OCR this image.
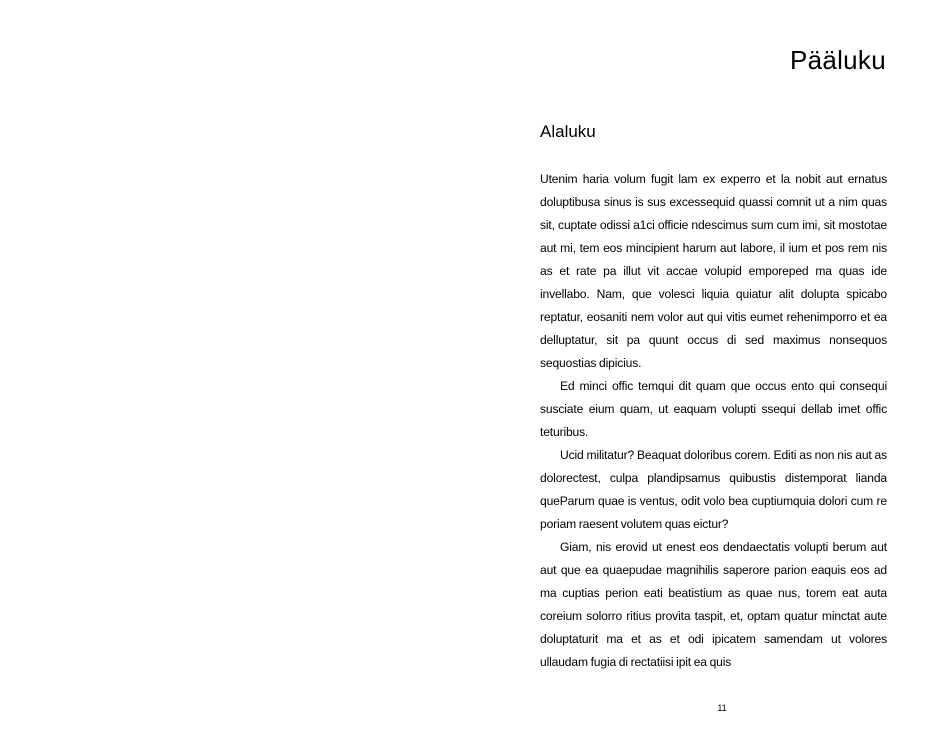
Pääluku
Alaluku

Utenim haria volum fugit lam ex experro et la nobit aut ernatus doluptibusa sinus is sus excessequid quassi comnit ut a nim quas sit, cuptate odissi a1ci officie ndescimus sum cum imi, sit mostotae aut mi, tem eos mincipient harum aut labore, il ium et pos rem nis as et rate pa illut vit accae volupid emporeped ma quas ide invellabo. Nam, que volesci liquia quiatur alit dolupta spicabo reptatur, eosaniti nem volor aut qui vitis eumet rehenimporro et ea delluptatur, sit pa quunt occus di sed maximus nonsequos sequostias dipicius.

Ed minci offic temqui dit quam que occus ento qui consequi susciate eium quam, ut eaquam volupti ssequi dellab imet offic teturibus.

Ucid militatur? Beaquat doloribus corem. Editi as non nis aut as dolorectest, culpa plandipsamus quibustis distemporat lianda queParum quae is ventus, odit volo bea cuptiumquia dolori cum re poriam raesent volutem quas eictur?

Giam, nis erovid ut enest eos dendaectatis volupti berum aut aut que ea quaepudae magnihilis saperore parion eaquis eos ad ma cuptias perion eati beatistium as quae nus, torem eat auta coreium solorro ritius provita taspit, et, optam quatur minctat aute doluptaturit ma et as et odi ipicatem samendam ut volores ullaudam fugia di rectatiisi ipit ea quis

11
